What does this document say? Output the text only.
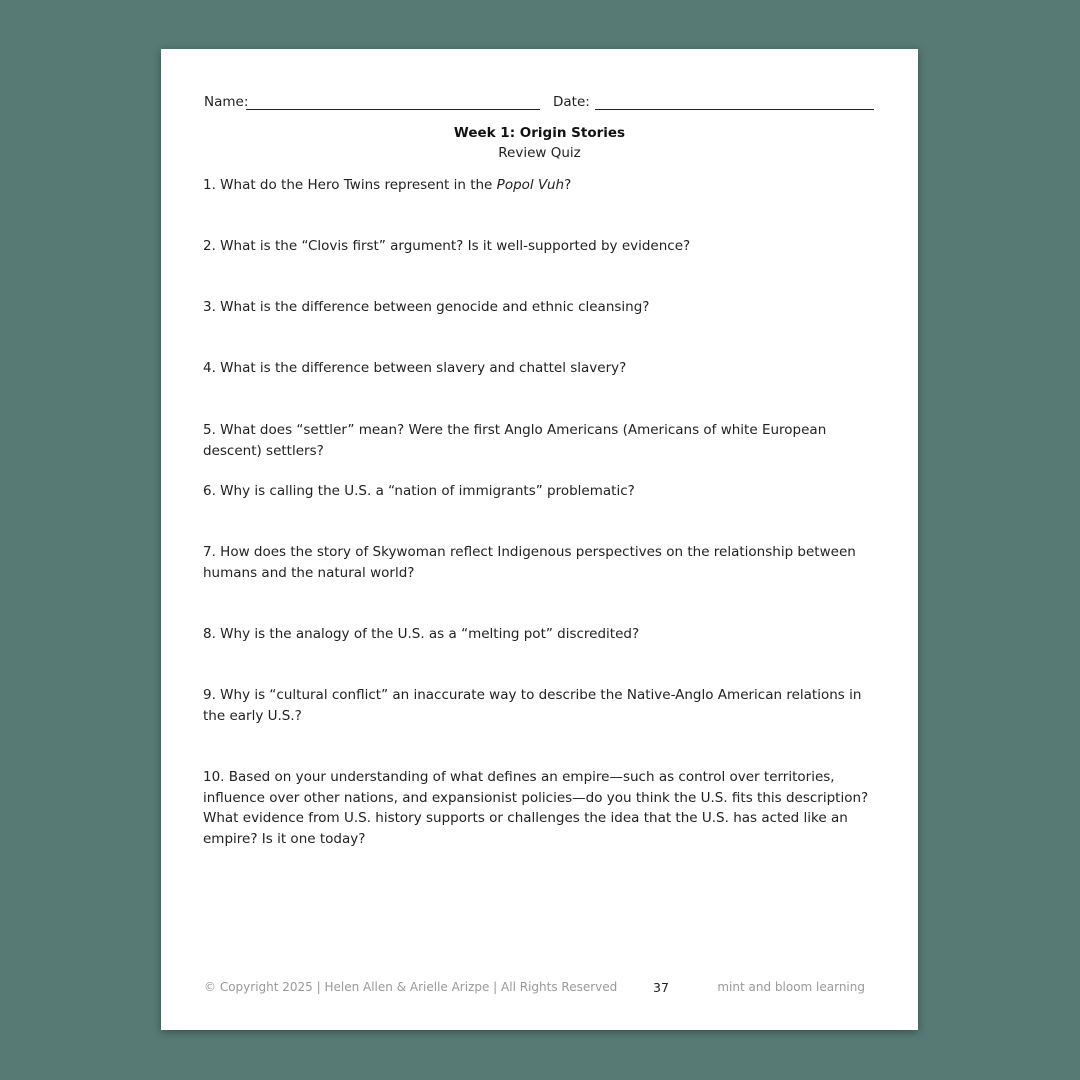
Name:	Date:
Week 1: Origin Stories
Review Quiz

1. What do the Hero Twins represent in the Popol Vuh?

2. What is the “Clovis first” argument? Is it well-supported by evidence?

3. What is the difference between genocide and ethnic cleansing?

4. What is the difference between slavery and chattel slavery?

5. What does “settler” mean? Were the first Anglo Americans (Americans of white European descent) settlers?

6. Why is calling the U.S. a “nation of immigrants” problematic?

7. How does the story of Skywoman reflect Indigenous perspectives on the relationship between humans and the natural world?

8. Why is the analogy of the U.S. as a “melting pot” discredited?

9. Why is “cultural conflict” an inaccurate way to describe the Native-Anglo American relations in the early U.S.?

10. Based on your understanding of what defines an empire—such as control over territories, influence over other nations, and expansionist policies—do you think the U.S. fits this description? What evidence from U.S. history supports or challenges the idea that the U.S. has acted like an empire? Is it one today?

© Copyright 2025 | Helen Allen & Arielle Arizpe | All Rights Reserved	37	mint and bloom learning
